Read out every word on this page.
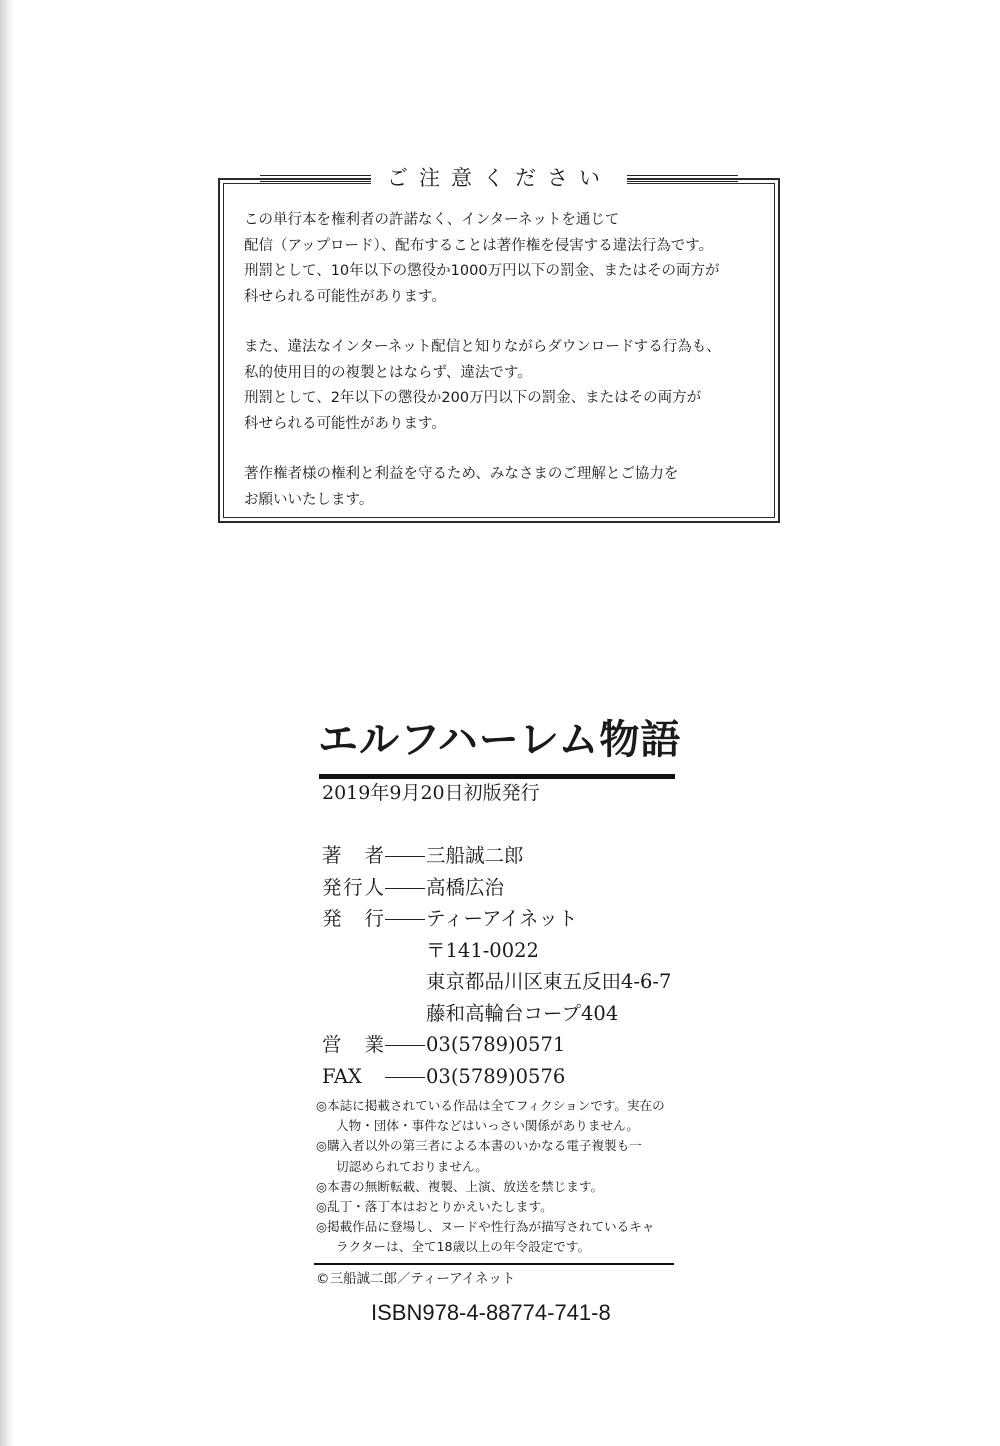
ご注意ください

この単行本を権利者の許諾なく、インターネットを通じて
配信（アップロード）、配布することは著作権を侵害する違法行為です。
刑罰として、10年以下の懲役か1000万円以下の罰金、またはその両方が
科せられる可能性があります。

また、違法なインターネット配信と知りながらダウンロードする行為も、
私的使用目的の複製とはならず、違法です。
刑罰として、2年以下の懲役か200万円以下の罰金、またはその両方が
科せられる可能性があります。

著作権者様の権利と利益を守るため、みなさまのご理解とご協力を
お願いいたします。

エルフハーレム物語
2019年9月20日初版発行
著者 三船誠二郎
発行人 高橋広治
発行 ティーアイネット
〒141-0022
東京都品川区東五反田4-6-7
藤和高輪台コープ404
営業 03(5789)0571
FAX	03(5789)0576
◎本誌に掲載されている作品は全てフィクションです。実在の
人物・団体・事件などはいっさい関係がありません。
◎購入者以外の第三者による本書のいかなる電子複製も一
切認められておりません。
◎本書の無断転載、複製、上演、放送を禁じます。
◎乱丁・落丁本はおとりかえいたします。
◎掲載作品に登場し、ヌードや性行為が描写されているキャ
ラクターは、全て18歳以上の年令設定です。
©三船誠二郎／ティーアイネット
ISBN978-4-88774-741-8
